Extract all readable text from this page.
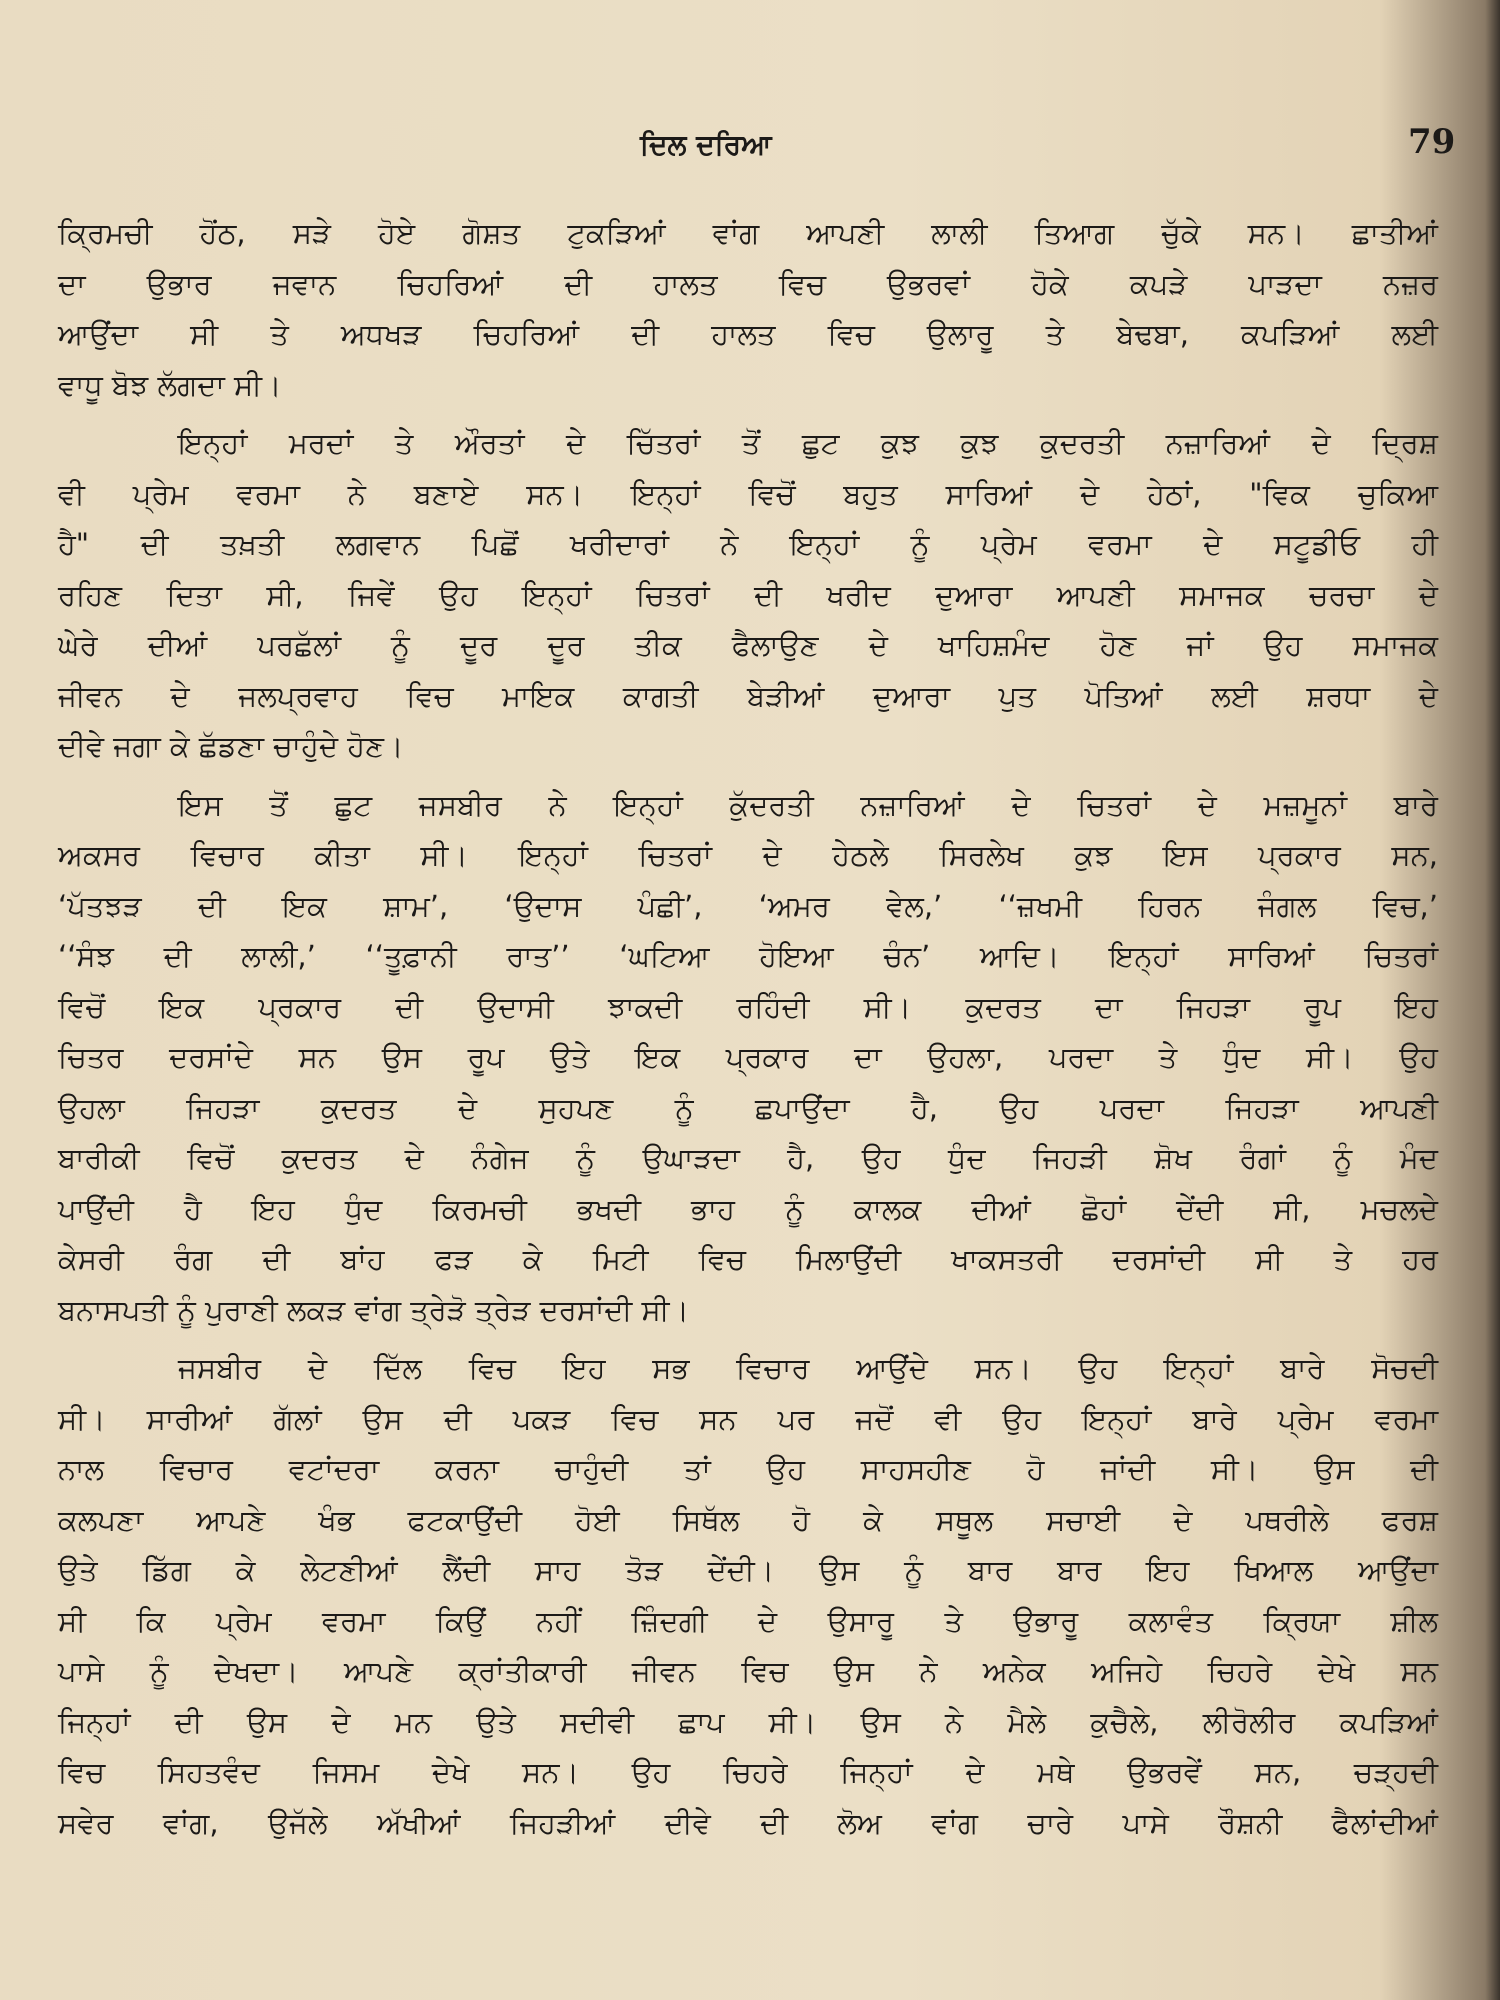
ਦਿਲ ਦਰਿਆ	79
ਕ੍ਰਿਮਚੀ ਹੋਂਠ, ਸੜੇ ਹੋਏ ਗੋਸ਼ਤ ਟੁਕੜਿਆਂ ਵਾਂਗ ਆਪਣੀ ਲਾਲੀ ਤਿਆਗ ਚੁੱਕੇ ਸਨ। ਛਾਤੀਆਂ
ਦਾ ਉਭਾਰ ਜਵਾਨ ਚਿਹਰਿਆਂ ਦੀ ਹਾਲਤ ਵਿਚ ਉਭਰਵਾਂ ਹੋਕੇ ਕਪੜੇ ਪਾੜਦਾ ਨਜ਼ਰ
ਆਉਂਦਾ ਸੀ ਤੇ ਅਧਖੜ ਚਿਹਰਿਆਂ ਦੀ ਹਾਲਤ ਵਿਚ ਉਲਾਰੂ ਤੇ ਬੇਢਬਾ, ਕਪੜਿਆਂ ਲਈ
ਵਾਧੂ ਬੋਝ ਲੱਗਦਾ ਸੀ।
ਇਨ੍ਹਾਂ ਮਰਦਾਂ ਤੇ ਔਰਤਾਂ ਦੇ ਚਿੱਤਰਾਂ ਤੋਂ ਛੁਟ ਕੁਝ ਕੁਝ ਕੁਦਰਤੀ ਨਜ਼ਾਰਿਆਂ ਦੇ ਦ੍ਰਿਸ਼
ਵੀ ਪ੍ਰੇਮ ਵਰਮਾ ਨੇ ਬਣਾਏ ਸਨ। ਇਨ੍ਹਾਂ ਵਿਚੋਂ ਬਹੁਤ ਸਾਰਿਆਂ ਦੇ ਹੇਠਾਂ, "ਵਿਕ ਚੁਕਿਆ
ਹੈ" ਦੀ ਤਖ਼ਤੀ ਲਗਵਾਨ ਪਿਛੋਂ ਖਰੀਦਾਰਾਂ ਨੇ ਇਨ੍ਹਾਂ ਨੂੰ ਪ੍ਰੇਮ ਵਰਮਾ ਦੇ ਸਟੂਡੀਓ ਹੀ
ਰਹਿਣ ਦਿਤਾ ਸੀ, ਜਿਵੇਂ ਉਹ ਇਨ੍ਹਾਂ ਚਿਤਰਾਂ ਦੀ ਖਰੀਦ ਦੁਆਰਾ ਆਪਣੀ ਸਮਾਜਕ ਚਰਚਾ ਦੇ
ਘੇਰੇ ਦੀਆਂ ਪਰਛੱਲਾਂ ਨੂੰ ਦੂਰ ਦੂਰ ਤੀਕ ਫੈਲਾਉਣ ਦੇ ਖਾਹਿਸ਼ਮੰਦ ਹੋਣ ਜਾਂ ਉਹ ਸਮਾਜਕ
ਜੀਵਨ ਦੇ ਜਲਪ੍ਰਵਾਹ ਵਿਚ ਮਾਇਕ ਕਾਗਤੀ ਬੇੜੀਆਂ ਦੁਆਰਾ ਪੁਤ ਪੋਤਿਆਂ ਲਈ ਸ਼ਰਧਾ ਦੇ
ਦੀਵੇ ਜਗਾ ਕੇ ਛੱਡਣਾ ਚਾਹੁੰਦੇ ਹੋਣ।
ਇਸ ਤੋਂ ਛੁਟ ਜਸਬੀਰ ਨੇ ਇਨ੍ਹਾਂ ਕੁੱਦਰਤੀ ਨਜ਼ਾਰਿਆਂ ਦੇ ਚਿਤਰਾਂ ਦੇ ਮਜ਼ਮੂਨਾਂ ਬਾਰੇ
ਅਕਸਰ ਵਿਚਾਰ ਕੀਤਾ ਸੀ। ਇਨ੍ਹਾਂ ਚਿਤਰਾਂ ਦੇ ਹੇਠਲੇ ਸਿਰਲੇਖ ਕੁਝ ਇਸ ਪ੍ਰਕਾਰ ਸਨ,
‘ਪੱਤਝੜ ਦੀ ਇਕ ਸ਼ਾਮ’, ‘ਉਦਾਸ ਪੰਛੀ’, ‘ਅਮਰ ਵੇਲ,’ ‘‘ਜ਼ਖਮੀ ਹਿਰਨ ਜੰਗਲ ਵਿਚ,’
‘‘ਸੰਝ ਦੀ ਲਾਲੀ,’ ‘‘ਤੂਫ਼ਾਨੀ ਰਾਤ’’ ‘ਘਟਿਆ ਹੋਇਆ ਚੰਨ’ ਆਦਿ। ਇਨ੍ਹਾਂ ਸਾਰਿਆਂ ਚਿਤਰਾਂ
ਵਿਚੋਂ ਇਕ ਪ੍ਰਕਾਰ ਦੀ ਉਦਾਸੀ ਝਾਕਦੀ ਰਹਿੰਦੀ ਸੀ। ਕੁਦਰਤ ਦਾ ਜਿਹੜਾ ਰੂਪ ਇਹ
ਚਿਤਰ ਦਰਸਾਂਦੇ ਸਨ ਉਸ ਰੂਪ ਉਤੇ ਇਕ ਪ੍ਰਕਾਰ ਦਾ ਉਹਲਾ, ਪਰਦਾ ਤੇ ਧੁੰਦ ਸੀ। ਉਹ
ਉਹਲਾ ਜਿਹੜਾ ਕੁਦਰਤ ਦੇ ਸੁਹਪਣ ਨੂੰ ਛਪਾਉਂਦਾ ਹੈ, ਉਹ ਪਰਦਾ ਜਿਹੜਾ ਆਪਣੀ
ਬਾਰੀਕੀ ਵਿਚੋਂ ਕੁਦਰਤ ਦੇ ਨੰਗੇਜ ਨੂੰ ਉਘਾੜਦਾ ਹੈ, ਉਹ ਧੁੰਦ ਜਿਹੜੀ ਸ਼ੋਖ ਰੰਗਾਂ ਨੂੰ ਮੰਦ
ਪਾਉਂਦੀ ਹੈ ਇਹ ਧੁੰਦ ਕਿਰਮਚੀ ਭਖਦੀ ਭਾਹ ਨੂੰ ਕਾਲਕ ਦੀਆਂ ਛੋਹਾਂ ਦੇਂਦੀ ਸੀ, ਮਚਲਦੇ
ਕੇਸਰੀ ਰੰਗ ਦੀ ਬਾਂਹ ਫੜ ਕੇ ਮਿਟੀ ਵਿਚ ਮਿਲਾਉਂਦੀ ਖਾਕਸਤਰੀ ਦਰਸਾਂਦੀ ਸੀ ਤੇ ਹਰ
ਬਨਾਸਪਤੀ ਨੂੰ ਪੁਰਾਣੀ ਲਕੜ ਵਾਂਗ ਤ੍ਰੇੜੋ ਤ੍ਰੇੜ ਦਰਸਾਂਦੀ ਸੀ।
ਜਸਬੀਰ ਦੇ ਦਿੱਲ ਵਿਚ ਇਹ ਸਭ ਵਿਚਾਰ ਆਉਂਦੇ ਸਨ। ਉਹ ਇਨ੍ਹਾਂ ਬਾਰੇ ਸੋਚਦੀ
ਸੀ। ਸਾਰੀਆਂ ਗੱਲਾਂ ਉਸ ਦੀ ਪਕੜ ਵਿਚ ਸਨ ਪਰ ਜਦੋਂ ਵੀ ਉਹ ਇਨ੍ਹਾਂ ਬਾਰੇ ਪ੍ਰੇਮ ਵਰਮਾ
ਨਾਲ ਵਿਚਾਰ ਵਟਾਂਦਰਾ ਕਰਨਾ ਚਾਹੁੰਦੀ ਤਾਂ ਉਹ ਸਾਹਸਹੀਣ ਹੋ ਜਾਂਦੀ ਸੀ। ਉਸ ਦੀ
ਕਲਪਣਾ ਆਪਣੇ ਖੰਭ ਫਟਕਾਉਂਦੀ ਹੋਈ ਸਿਥੱਲ ਹੋ ਕੇ ਸਥੂਲ ਸਚਾਈ ਦੇ ਪਥਰੀਲੇ ਫਰਸ਼
ਉਤੇ ਡਿੱਗ ਕੇ ਲੇਟਣੀਆਂ ਲੈਂਦੀ ਸਾਹ ਤੋੜ ਦੇਂਦੀ। ਉਸ ਨੂੰ ਬਾਰ ਬਾਰ ਇਹ ਖਿਆਲ ਆਉਂਦਾ
ਸੀ ਕਿ ਪ੍ਰੇਮ ਵਰਮਾ ਕਿਉਂ ਨਹੀਂ ਜ਼ਿੰਦਗੀ ਦੇ ਉਸਾਰੂ ਤੇ ਉਭਾਰੂ ਕਲਾਵੰਤ ਕ੍ਰਿਯਾ ਸ਼ੀਲ
ਪਾਸੇ ਨੂੰ ਦੇਖਦਾ। ਆਪਣੇ ਕ੍ਰਾਂਤੀਕਾਰੀ ਜੀਵਨ ਵਿਚ ਉਸ ਨੇ ਅਨੇਕ ਅਜਿਹੇ ਚਿਹਰੇ ਦੇਖੇ ਸਨ
ਜਿਨ੍ਹਾਂ ਦੀ ਉਸ ਦੇ ਮਨ ਉਤੇ ਸਦੀਵੀ ਛਾਪ ਸੀ। ਉਸ ਨੇ ਮੈਲੇ ਕੁਚੈਲੇ, ਲੀਰੋਲੀਰ ਕਪੜਿਆਂ
ਵਿਚ ਸਿਹਤਵੰਦ ਜਿਸਮ ਦੇਖੇ ਸਨ। ਉਹ ਚਿਹਰੇ ਜਿਨ੍ਹਾਂ ਦੇ ਮਥੇ ਉਭਰਵੇਂ ਸਨ, ਚੜ੍ਹਦੀ
ਸਵੇਰ ਵਾਂਗ, ਉਜੱਲੇ ਅੱਖੀਆਂ ਜਿਹੜੀਆਂ ਦੀਵੇ ਦੀ ਲੋਅ ਵਾਂਗ ਚਾਰੇ ਪਾਸੇ ਰੌਸ਼ਨੀ ਫੈਲਾਂਦੀਆਂ
